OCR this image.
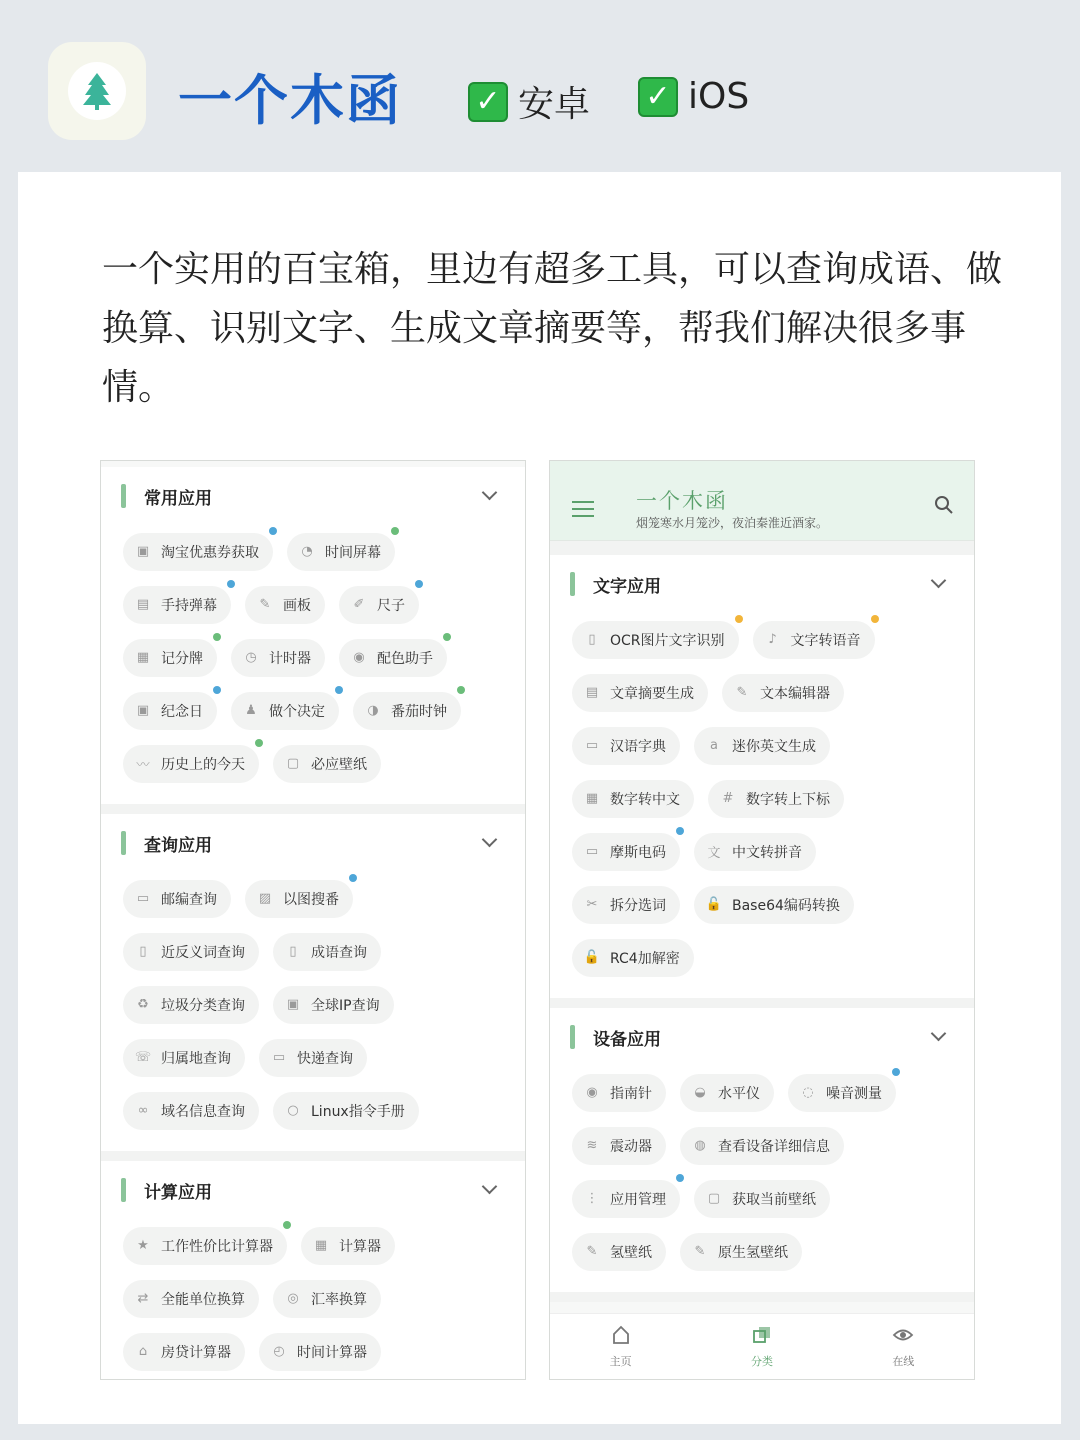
一个木函 ✓ 安卓 ✓ iOS
一个实用的百宝箱，里边有超多工具，可以查询成语、做换算、识别文字、生成文章摘要等，帮我们解决很多事情。
常用应用
▣ 淘宝优惠券获取	◔ 时间屏幕
▤ 手持弹幕	✎ 画板	✐ 尺子
▦ 记分牌	◷ 计时器	◉ 配色助手
▣ 纪念日	♟ 做个决定	◑ 番茄时钟
〰 历史上的今天	▢ 必应壁纸
查询应用
▭ 邮编查询	▨ 以图搜番
▯	近反义词查询	▯	成语查询
♻ 垃圾分类查询	▣ 全球IP查询
☏ 归属地查询	▭ 快递查询
∞ 域名信息查询	○ Linux指令手册
计算应用
★ 工作性价比计算器	▦ 计算器
⇄ 全能单位换算	◎ 汇率换算
⌂ 房贷计算器	◴ 时间计算器
一个木函
烟笼寒水月笼沙，夜泊秦淮近酒家。
文字应用
▯	OCR图片文字识别	♪ 文字转语音
▤ 文章摘要生成	✎ 文本编辑器
▭ 汉语字典	a 迷你英文生成
▦ 数字转中文	# 数字转上下标
▭ 摩斯电码	文 中文转拼音
✂ 拆分选词	🔓 Base64编码转换
🔓 RC4加解密
设备应用
◉ 指南针	◒ 水平仪	◌ 噪音测量
≋ 震动器	◍ 查看设备详细信息
⋮ 应用管理	▢ 获取当前壁纸
✎ 氢壁纸	✎ 原生氢壁纸
主页	分类	在线
